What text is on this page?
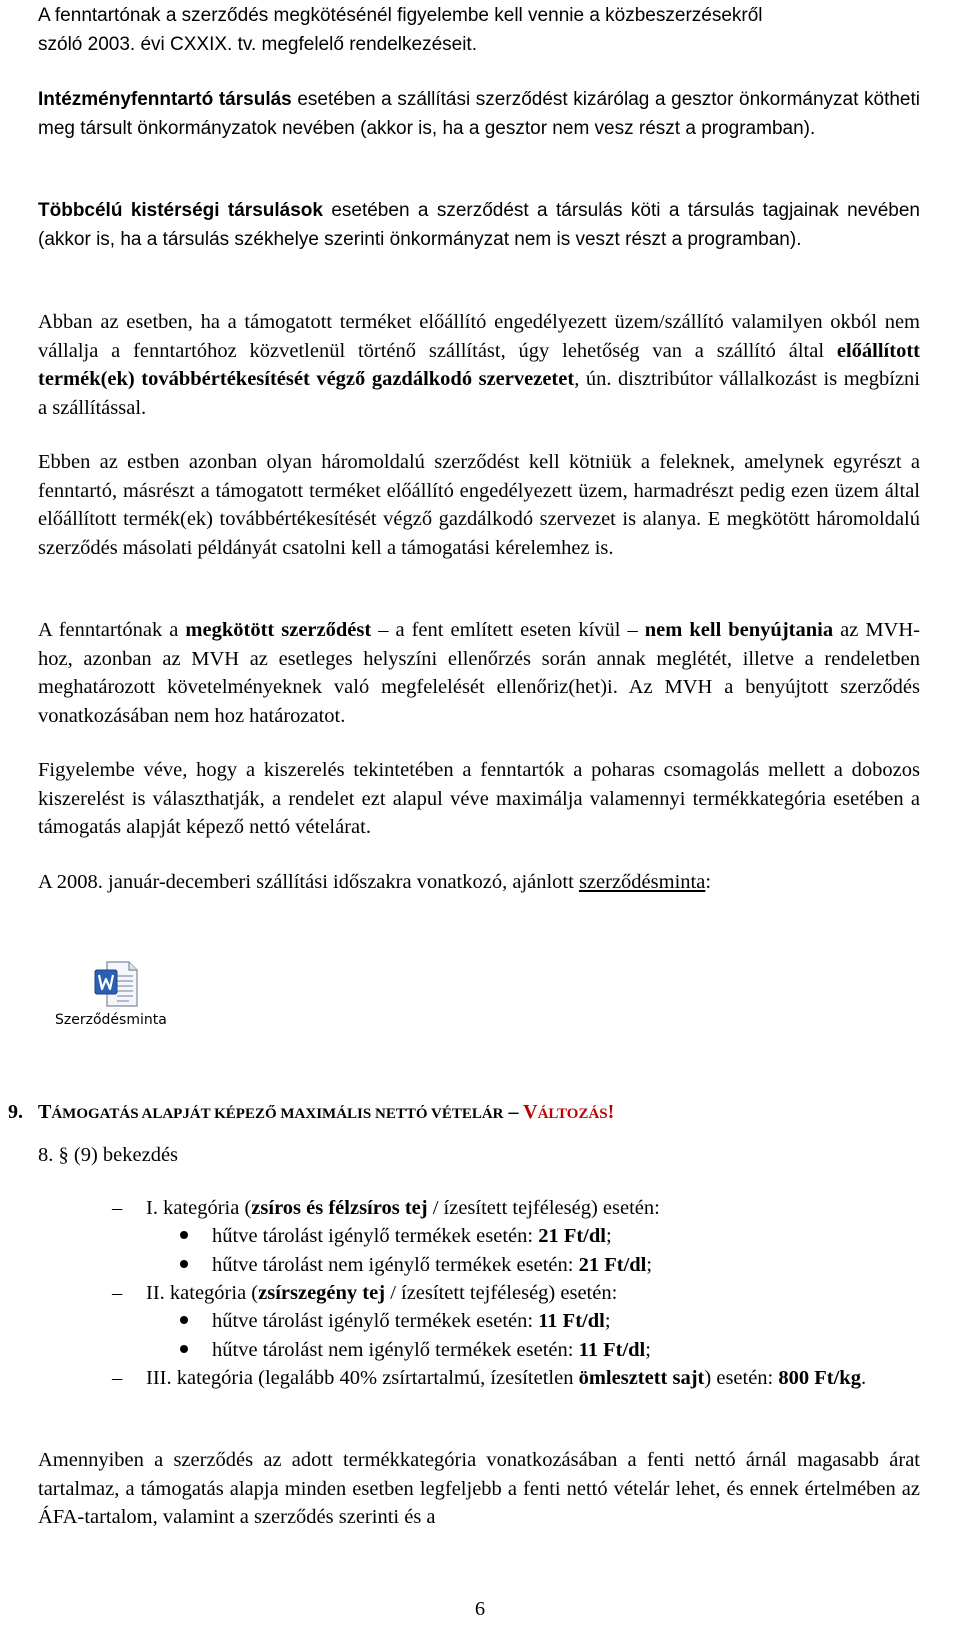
A fenntartónak a szerződés megkötésénél figyelembe kell vennie a közbeszerzésekről
szóló 2003. évi CXXIX. tv. megfelelő rendelkezéseit.

Intézményfenntartó társulás esetében a szállítási szerződést kizárólag a gesztor önkormányzat kötheti meg társult önkormányzatok nevében (akkor is, ha a gesztor nem vesz részt a programban).

Többcélú kistérségi társulások esetében a szerződést a társulás köti a társulás tagjainak nevében (akkor is, ha a társulás székhelye szerinti önkormányzat nem is veszt részt a programban).

Abban az esetben, ha a támogatott terméket előállító engedélyezett üzem/szállító valamilyen okból nem vállalja a fenntartóhoz közvetlenül történő szállítást, úgy lehetőség van a szállító által előállított termék(ek) továbbértékesítését végző gazdálkodó szervezetet, ún. disztribútor vállalkozást is megbízni a szállítással.

Ebben az estben azonban olyan háromoldalú szerződést kell kötniük a feleknek, amelynek egyrészt a fenntartó, másrészt a támogatott terméket előállító engedélyezett üzem, harmadrészt pedig ezen üzem által előállított termék(ek) továbbértékesítését végző gazdálkodó szervezet is alanya. E megkötött háromoldalú szerződés másolati példányát csatolni kell a támogatási kérelemhez is.

A fenntartónak a megkötött szerződést – a fent említett eseten kívül – nem kell benyújtania az MVH-hoz, azonban az MVH az esetleges helyszíni ellenőrzés során annak meglétét, illetve a rendeletben meghatározott követelményeknek való megfelelését ellenőriz(het)i. Az MVH a benyújtott szerződés vonatkozásában nem hoz határozatot.

Figyelembe véve, hogy a kiszerelés tekintetében a fenntartók a poharas csomagolás mellett a dobozos kiszerelést is választhatják, a rendelet ezt alapul véve maximálja valamennyi termékkategória esetében a támogatás alapját képező nettó vételárat.

A 2008. január-decemberi szállítási időszakra vonatkozó, ajánlott szerződésminta:

Szerződésminta
9. TÁMOGATÁS ALAPJÁT KÉPEZŐ MAXIMÁLIS NETTÓ VÉTELÁR – VÁLTOZÁS!
8. § (9) bekezdés
–	I. kategória (zsíros és félzsíros tej / ízesített tejféleség) esetén:
hűtve tárolást igénylő termékek esetén: 21 Ft/dl;
hűtve tárolást nem igénylő termékek esetén: 21 Ft/dl;
–	II. kategória (zsírszegény tej / ízesített tejféleség) esetén:
hűtve tárolást igénylő termékek esetén: 11 Ft/dl;
hűtve tárolást nem igénylő termékek esetén: 11 Ft/dl;
–	III. kategória (legalább 40% zsírtartalmú, ízesítetlen ömlesztett sajt) esetén: 800 Ft/kg.

Amennyiben a szerződés az adott termékkategória vonatkozásában a fenti nettó árnál magasabb árat tartalmaz, a támogatás alapja minden esetben legfeljebb a fenti nettó vételár lehet, és ennek értelmében az ÁFA-tartalom, valamint a szerződés szerinti és a

6
